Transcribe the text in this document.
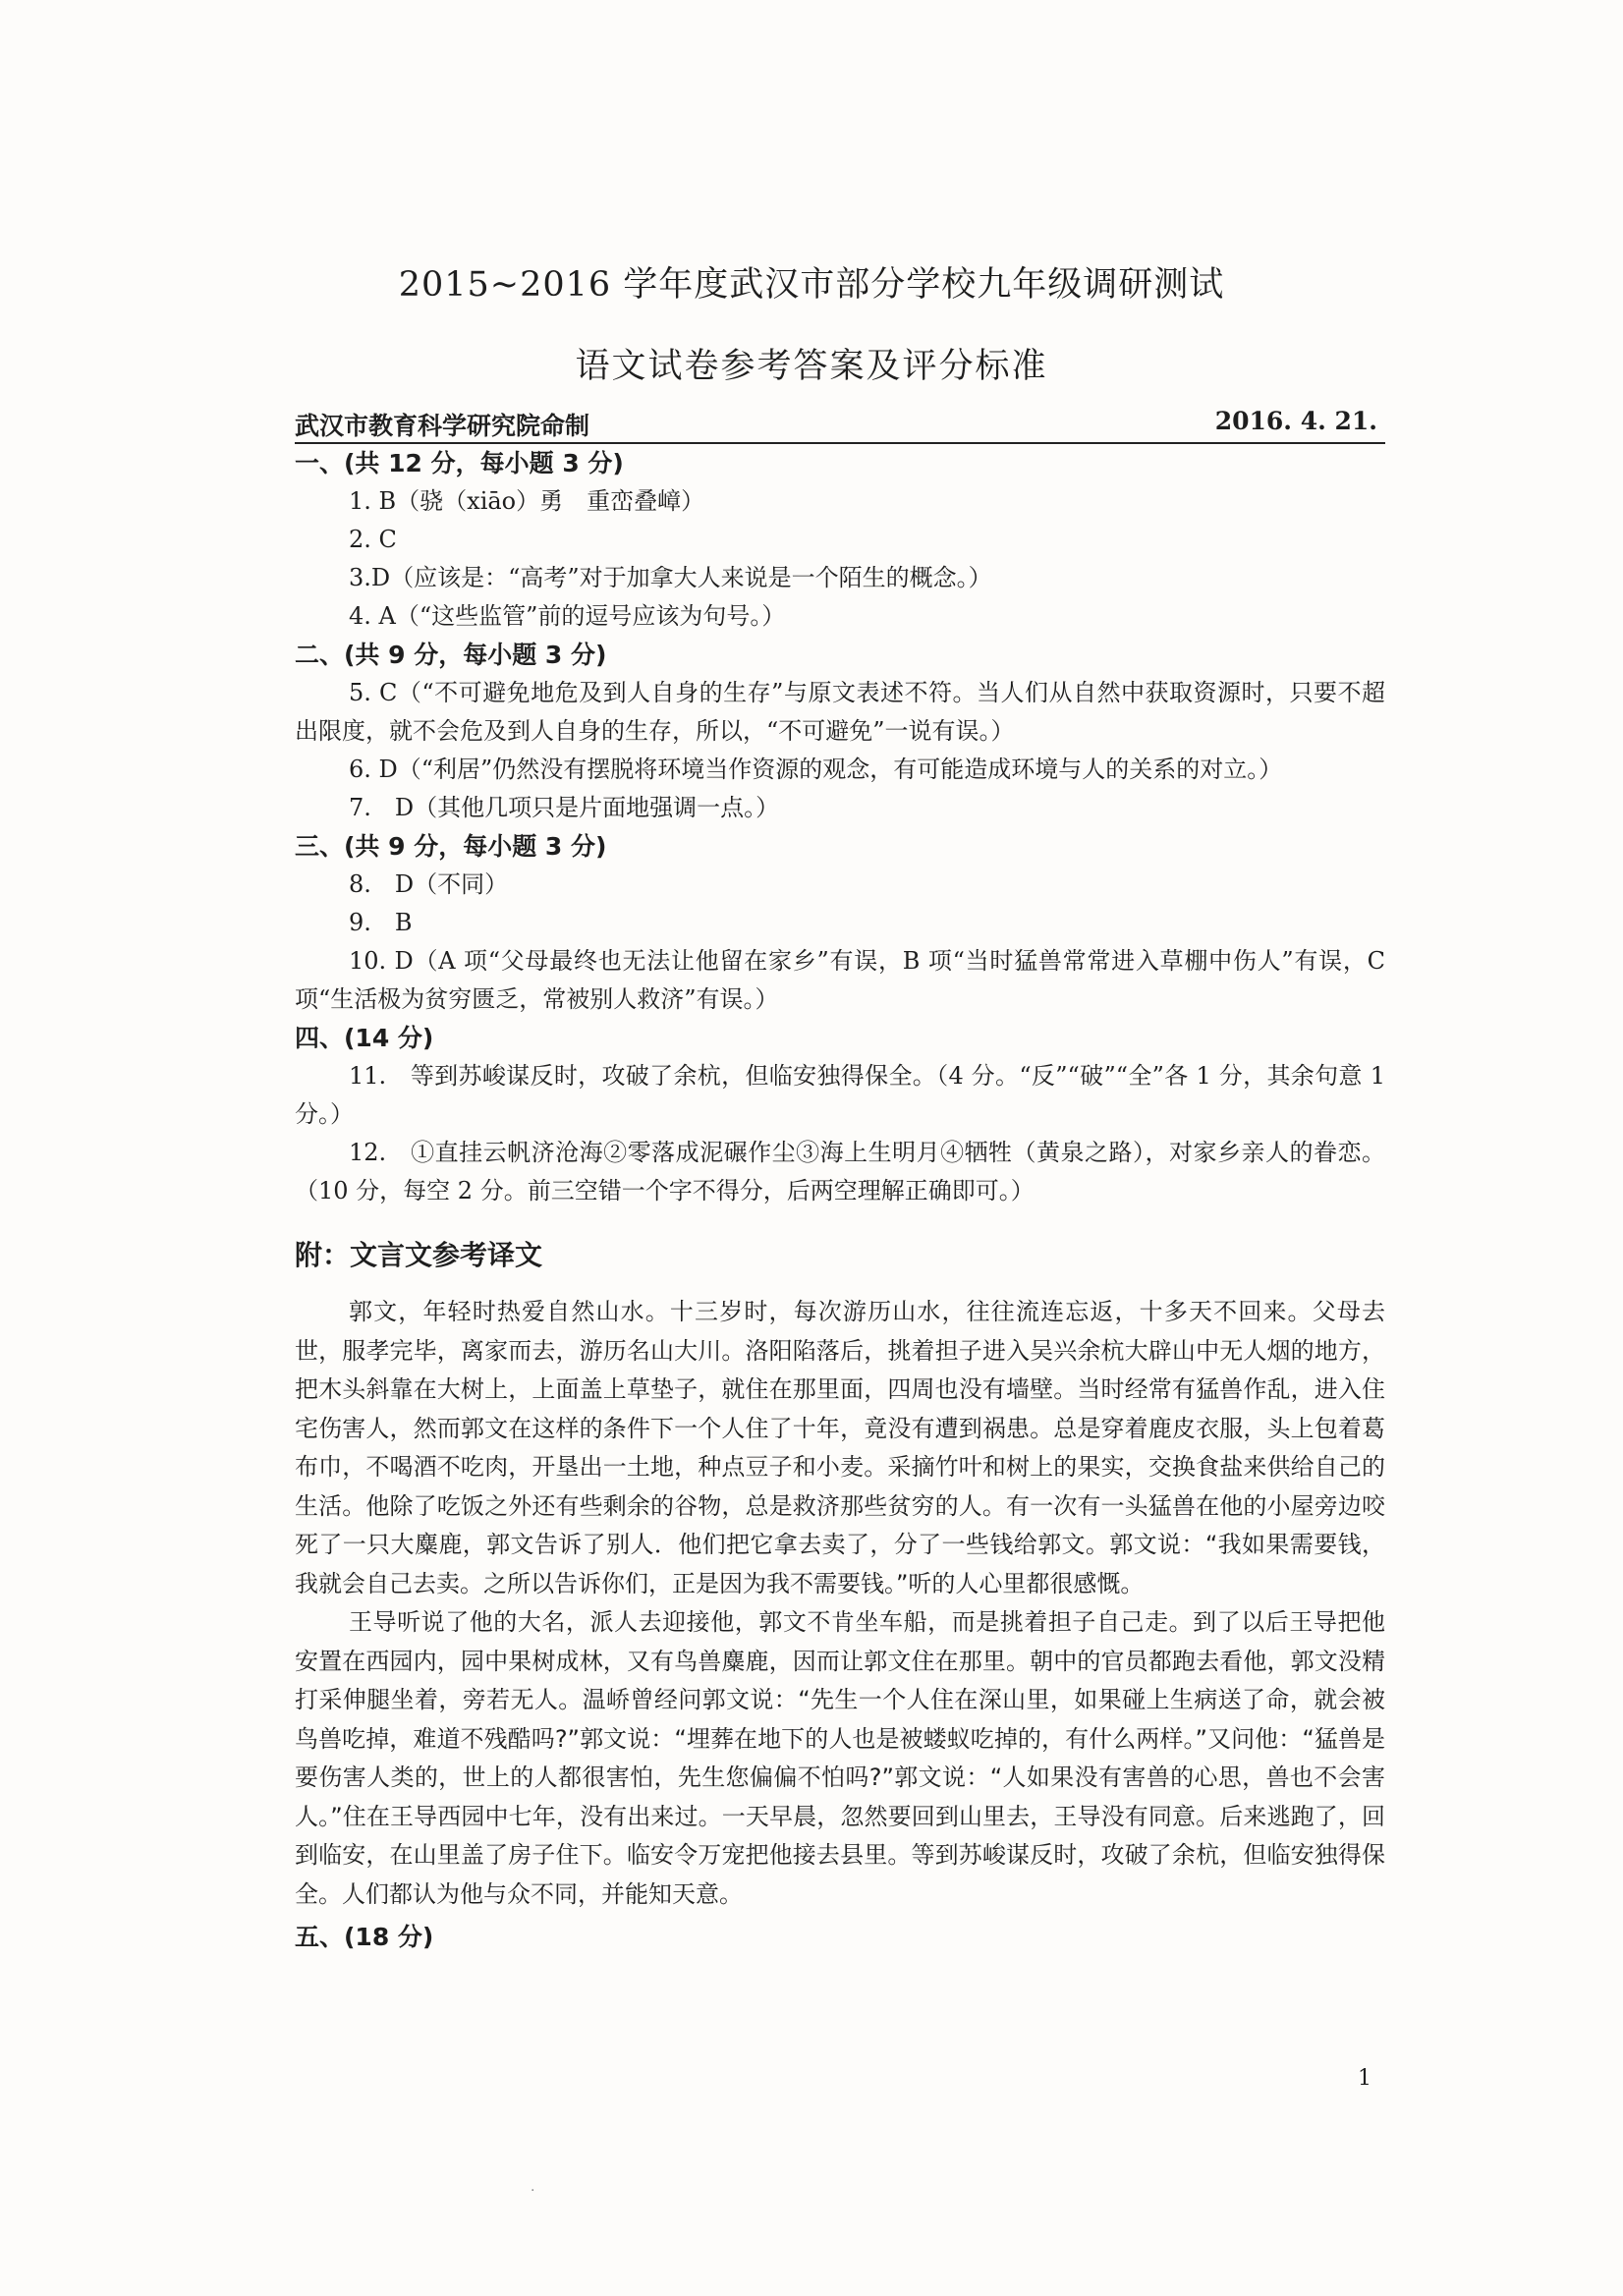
2015~2016 学年度武汉市部分学校九年级调研测试
语文试卷参考答案及评分标准
武汉市教育科学研究院命制	2016. 4. 21.

一、(共 12 分，每小题 3 分)

1. B（骁（xiāo）勇　重峦叠嶂）

2. C

3.D（应该是：“高考”对于加拿大人来说是一个陌生的概念。）

4. A（“这些监管”前的逗号应该为句号。）

二、(共 9 分，每小题 3 分)

5. C（“不可避免地危及到人自身的生存”与原文表述不符。当人们从自然中获取资源时，只要不超出限度，就不会危及到人自身的生存，所以，“不可避免”一说有误。）

6. D（“利居”仍然没有摆脱将环境当作资源的观念，有可能造成环境与人的关系的对立。）

7.　D（其他几项只是片面地强调一点。）

三、(共 9 分，每小题 3 分)

8.　D（不同）

9.　B

10. D（A 项“父母最终也无法让他留在家乡”有误，B 项“当时猛兽常常进入草棚中伤人”有误，C 项“生活极为贫穷匮乏，常被别人救济”有误。）

四、(14 分)

11.　等到苏峻谋反时，攻破了余杭，但临安独得保全。（4 分。“反”“破”“全”各 1 分，其余句意 1 分。）

12.　①直挂云帆济沧海②零落成泥碾作尘③海上生明月④牺牲（黄泉之路），对家乡亲人的眷恋。（10 分，每空 2 分。前三空错一个字不得分，后两空理解正确即可。）

附：文言文参考译文

郭文，年轻时热爱自然山水。十三岁时，每次游历山水，往往流连忘返，十多天不回来。父母去世，服孝完毕，离家而去，游历名山大川。洛阳陷落后，挑着担子进入吴兴余杭大辟山中无人烟的地方，把木头斜靠在大树上，上面盖上草垫子，就住在那里面，四周也没有墙壁。当时经常有猛兽作乱，进入住宅伤害人，然而郭文在这样的条件下一个人住了十年，竟没有遭到祸患。总是穿着鹿皮衣服，头上包着葛布巾，不喝酒不吃肉，开垦出一土地，种点豆子和小麦。采摘竹叶和树上的果实，交换食盐来供给自己的生活。他除了吃饭之外还有些剩余的谷物，总是救济那些贫穷的人。有一次有一头猛兽在他的小屋旁边咬死了一只大麋鹿，郭文告诉了别人．他们把它拿去卖了，分了一些钱给郭文。郭文说：“我如果需要钱，我就会自己去卖。之所以告诉你们，正是因为我不需要钱。”听的人心里都很感慨。

王导听说了他的大名，派人去迎接他，郭文不肯坐车船，而是挑着担子自己走。到了以后王导把他安置在西园内，园中果树成林，又有鸟兽麋鹿，因而让郭文住在那里。朝中的官员都跑去看他，郭文没精打采伸腿坐着，旁若无人。温峤曾经问郭文说：“先生一个人住在深山里，如果碰上生病送了命，就会被鸟兽吃掉，难道不残酷吗?”郭文说：“埋葬在地下的人也是被蝼蚁吃掉的，有什么两样。”又问他：“猛兽是要伤害人类的，世上的人都很害怕，先生您偏偏不怕吗?”郭文说：“人如果没有害兽的心思，兽也不会害人。”住在王导西园中七年，没有出来过。一天早晨，忽然要回到山里去，王导没有同意。后来逃跑了，回到临安，在山里盖了房子住下。临安令万宠把他接去县里。等到苏峻谋反时，攻破了余杭，但临安独得保全。人们都认为他与众不同，并能知天意。

五、(18 分)

1
·
